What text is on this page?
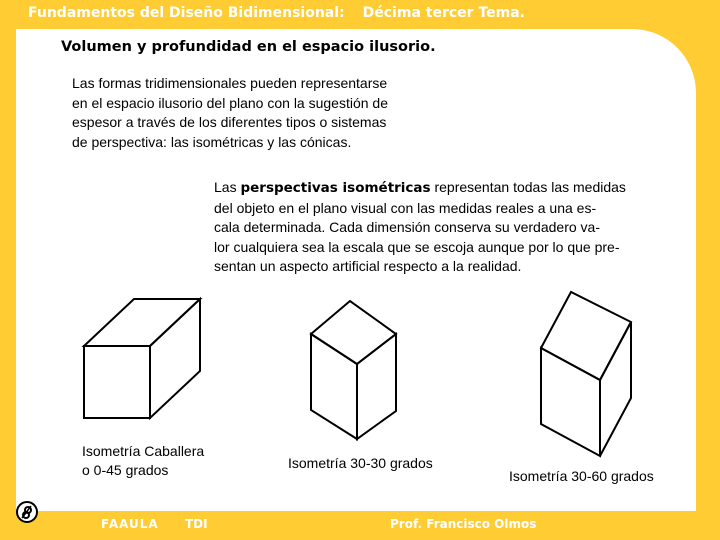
Fundamentos del Diseño Bidimensional: Décima tercer Tema.
Volumen y profundidad en el espacio ilusorio.
Las formas tridimensionales pueden representarse
en el espacio ilusorio del plano con la sugestión de
espesor a través de los diferentes tipos o sistemas
de perspectiva: las isométricas y las cónicas.
Las perspectivas isométricas representan todas las medidas
del objeto en el plano visual con las medidas reales a una es-
cala determinada. Cada dimensión conserva su verdadero va-
lor cualquiera sea la escala que se escoja aunque por lo que pre-
sentan un aspecto artificial respecto a la realidad.
Isometría Caballera
o 0-45 grados	Isometría 30-30 grados
Isometría 30-60 grados
FAAULA TDI	Prof. Francisco Olmos
